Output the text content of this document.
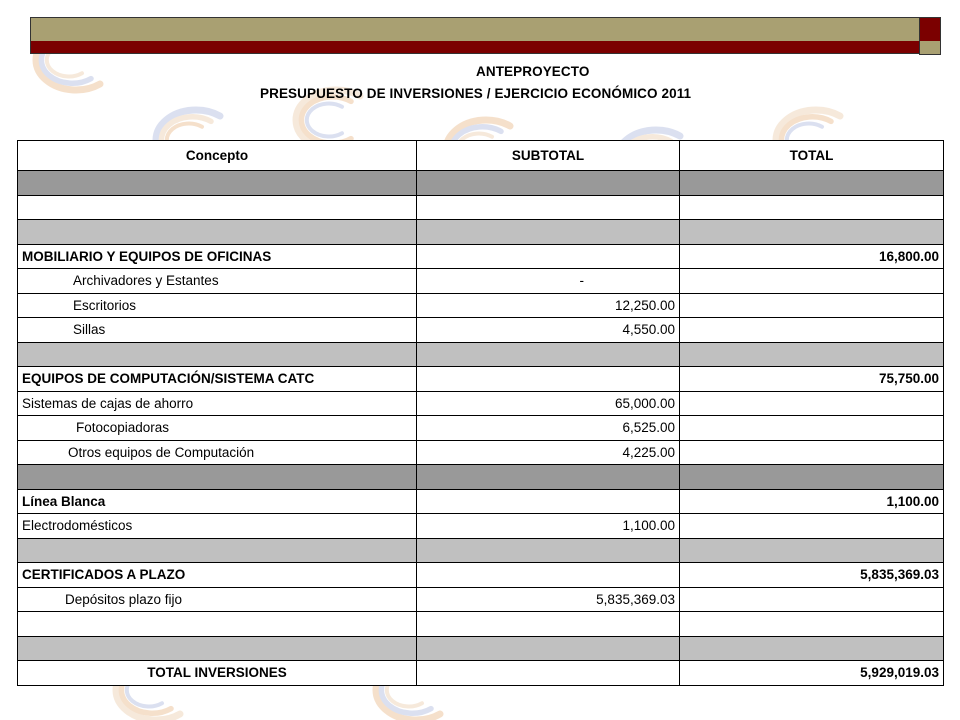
ANTEPROYECTO
PRESUPUESTO DE INVERSIONES / EJERCICIO ECONÓMICO 2011
Concepto	SUBTOTAL	TOTAL

MOBILIARIO Y EQUIPOS DE OFICINAS		16,800.00
Archivadores y Estantes	-	
Escritorios	12,250.00	
Sillas	4,550.00	

EQUIPOS DE COMPUTACIÓN/SISTEMA CATC		75,750.00
Sistemas de cajas de ahorro	65,000.00	
Fotocopiadoras	6,525.00	
Otros equipos de Computación	4,225.00	

Línea Blanca		1,100.00
Electrodomésticos	1,100.00	

CERTIFICADOS A PLAZO		5,835,369.03
Depósitos plazo fijo	5,835,369.03	

TOTAL INVERSIONES		5,929,019.03
